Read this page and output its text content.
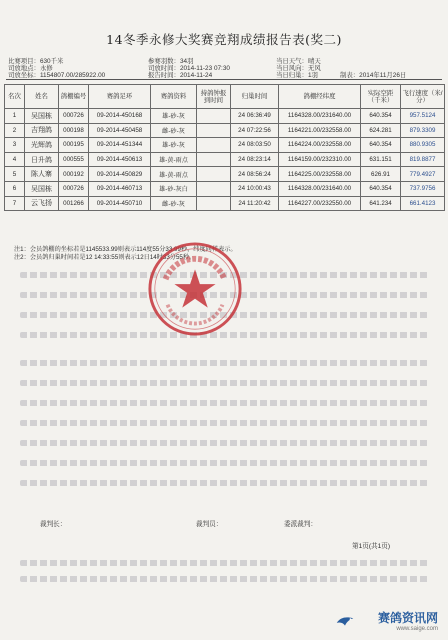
14冬季永修大奖赛竞翔成绩报告表(奖二)
比赛项目：630千米
司放地点：永修
司放坐标：1154807.00/285922.00
参赛羽数：34羽
司放时间：2014-11-23 07:30
报告时间：2014-11-24
当日天气：晴天
当日风向：无风
当日归巢：1羽	制表：2014年11月26日
名次	姓名	鸽棚编号	赛鸽足环	赛鸽资料	持鸽钟报到时间	归巢时间	鸽棚经纬度	实际空距（千米）	飞行速度（米/分）
1	吴国栋	000726	09-2014-450168	雄-砂-灰		24 06:36:49	1164328.00/231640.00	640.354	957.5124
2	吉翔鸽	000198	09-2014-450458	雌-砂-灰		24 07:22:56	1164221.00/232558.00	624.281	879.3309
3	光辉鸽	000195	09-2014-451344	雄-砂-灰		24 08:03:50	1164224.00/232558.00	640.354	880.9305
4	日升鸽	000555	09-2014-450613	雄-黄-雨点		24 08:23:14	1164159.00/232310.00	631.151	819.8877
5	陈人寨	000192	09-2014-450829	雄-黄-雨点		24 08:56:24	1164225.00/232558.00	626.91	779.4927
6	吴国栋	000726	09-2014-460713	雄-砂-灰白		24 10:00:43	1164328.00/231640.00	640.354	737.9756
7	云飞扬	001266	09-2014-450710	雌-砂-灰		24 11:20:42	1164227.00/232550.00	641.234	661.4123
注1：会员鸽棚的坐标若是1145533.99则表示114度55分33.99秒，纬度同样表示。
注2：会员鸽归巢时间若是12 14:33:55则表示12日14时33分55秒。
裁判长：	裁判员：	委派裁判：
第1页(共1页)
赛鸽资讯网
www.saige.com
